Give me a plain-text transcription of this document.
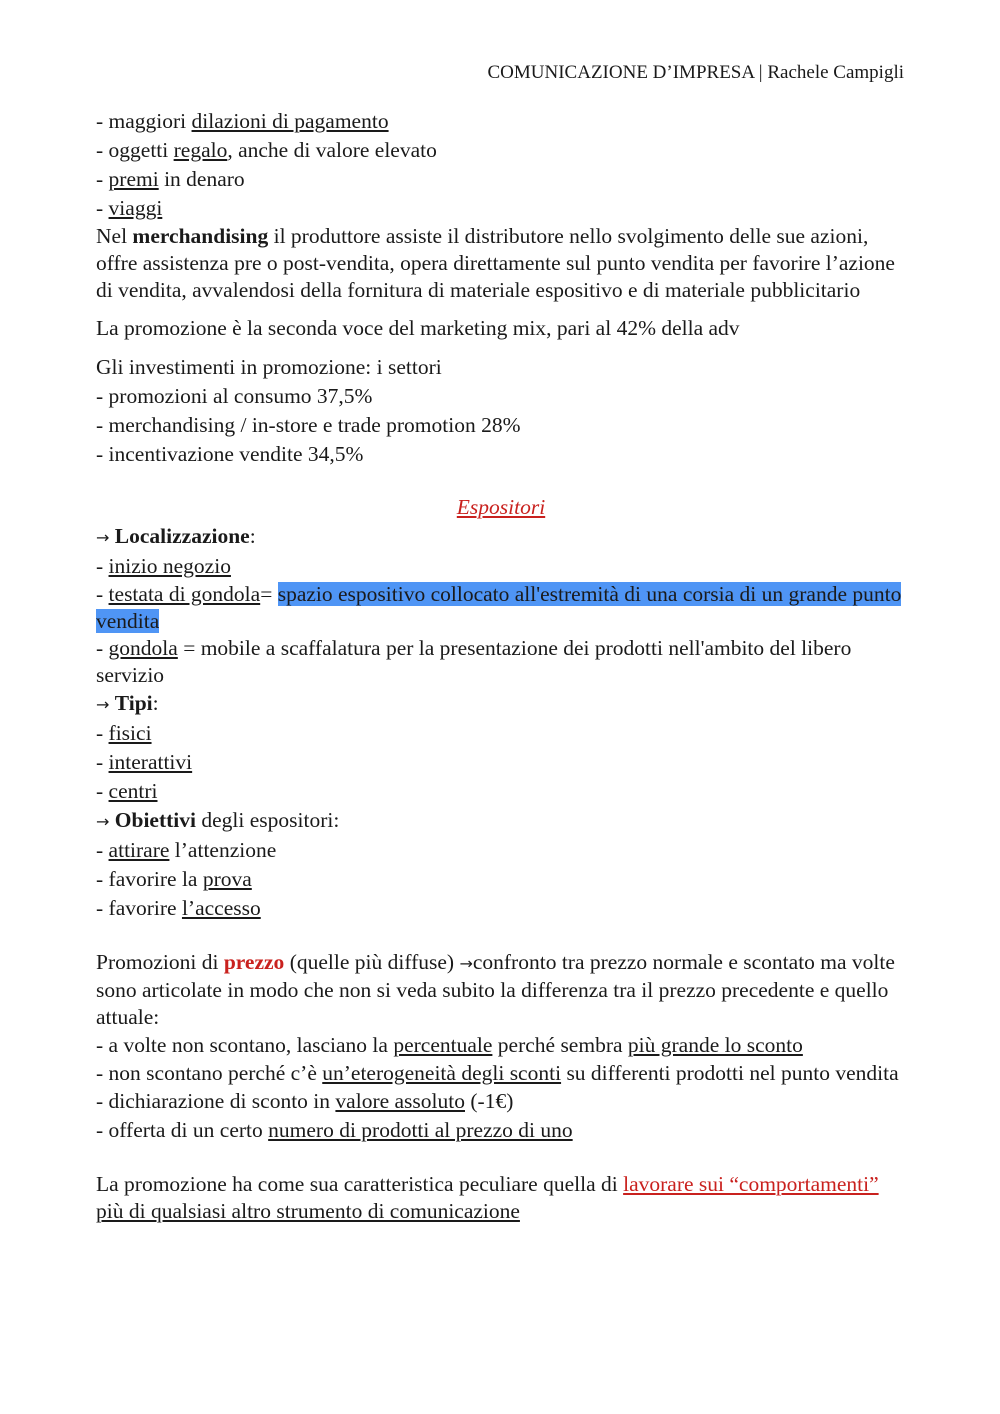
COMUNICAZIONE D’IMPRESA | Rachele Campigli

- maggiori dilazioni di pagamento

- oggetti regalo, anche di valore elevato

- premi in denaro

- viaggi

Nel merchandising il produttore assiste il distributore nello svolgimento delle sue azioni, offre assistenza pre o post-vendita, opera direttamente sul punto vendita per favorire l’azione di vendita, avvalendosi della fornitura di materiale espositivo e di materiale pubblicitario

La promozione è la seconda voce del marketing mix, pari al 42% della adv

Gli investimenti in promozione: i settori

- promozioni al consumo 37,5%

- merchandising / in-store e trade promotion 28%

- incentivazione vendite 34,5%

Espositori

→ Localizzazione:

- inizio negozio

- testata di gondola= spazio espositivo collocato all'estremità di una corsia di un grande punto vendita

- gondola = mobile a scaffalatura per la presentazione dei prodotti nell'ambito del libero servizio

→ Tipi:

- fisici

- interattivi

- centri

→ Obiettivi degli espositori:

- attirare l’attenzione

- favorire la prova

- favorire l’accesso

Promozioni di prezzo (quelle più diffuse) →confronto tra prezzo normale e scontato ma volte sono articolate in modo che non si veda subito la differenza tra il prezzo precedente e quello attuale:

- a volte non scontano, lasciano la percentuale perché sembra più grande lo sconto

- non scontano perché c’è un’eterogeneità degli sconti su differenti prodotti nel punto vendita

- dichiarazione di sconto in valore assoluto (-1€)

- offerta di un certo numero di prodotti al prezzo di uno

La promozione ha come sua caratteristica peculiare quella di lavorare sui “comportamenti” più di qualsiasi altro strumento di comunicazione
